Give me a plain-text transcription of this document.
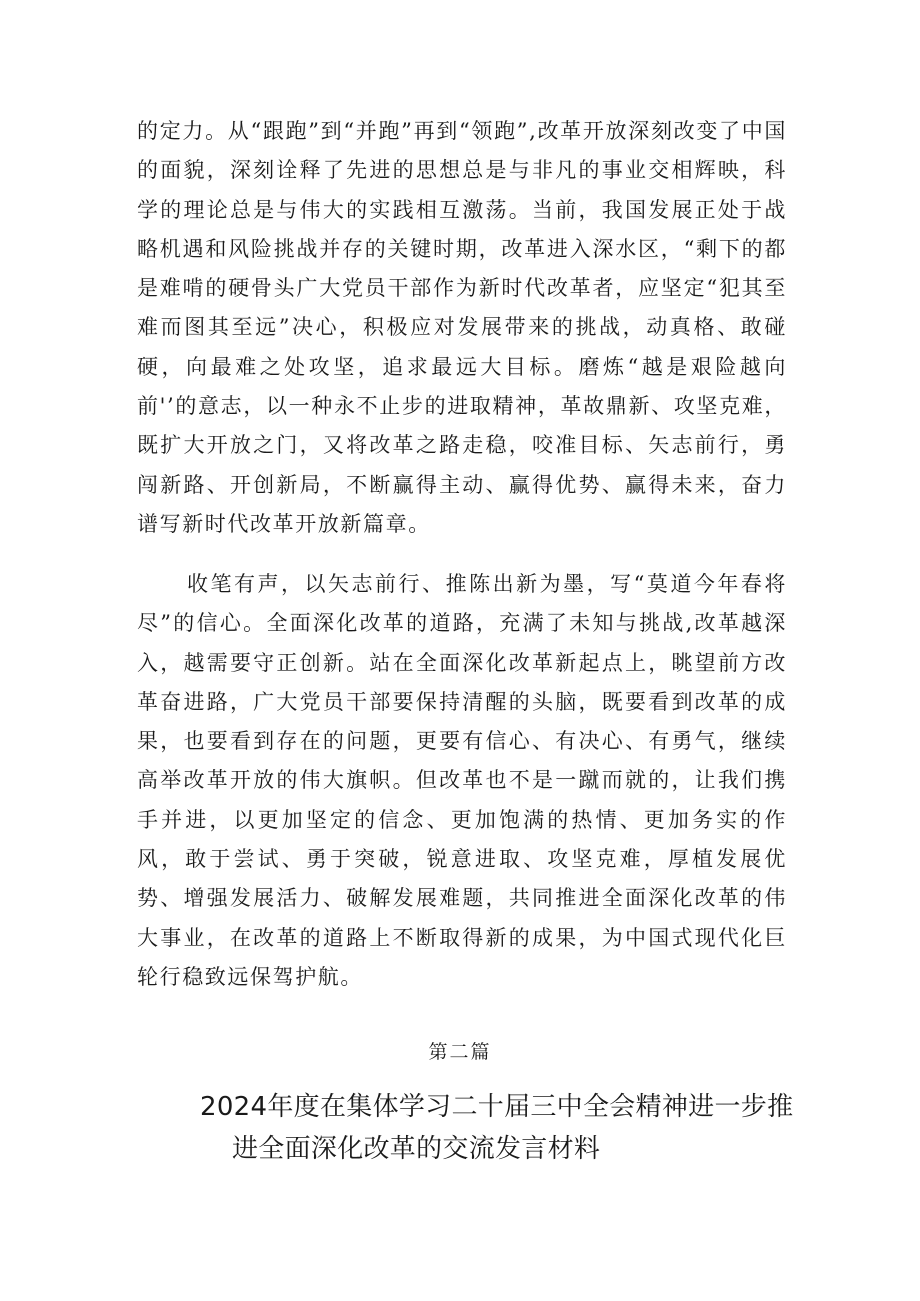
的定力。从“跟跑”到“并跑”再到“领跑”,改革开放深刻改变了中国的面貌，深刻诠释了先进的思想总是与非凡的事业交相辉映，科学的理论总是与伟大的实践相互激荡。当前，我国发展正处于战略机遇和风险挑战并存的关键时期，改革进入深水区，“剩下的都是难啃的硬骨头广大党员干部作为新时代改革者，应坚定“犯其至难而图其至远”决心，积极应对发展带来的挑战，动真格、敢碰硬，向最难之处攻坚，追求最远大目标。磨炼“越是艰险越向前'’的意志，以一种永不止步的进取精神，革故鼎新、攻坚克难，既扩大开放之门，又将改革之路走稳，咬准目标、矢志前行，勇闯新路、开创新局，不断赢得主动、赢得优势、赢得未来，奋力谱写新时代改革开放新篇章。

收笔有声，以矢志前行、推陈出新为墨，写“莫道今年春将尽”的信心。全面深化改革的道路，充满了未知与挑战,改革越深入，越需要守正创新。站在全面深化改革新起点上，眺望前方改革奋进路，广大党员干部要保持清醒的头脑，既要看到改革的成果，也要看到存在的问题，更要有信心、有决心、有勇气，继续高举改革开放的伟大旗帜。但改革也不是一蹴而就的，让我们携手并进，以更加坚定的信念、更加饱满的热情、更加务实的作风，敢于尝试、勇于突破，锐意进取、攻坚克难，厚植发展优势、增强发展活力、破解发展难题，共同推进全面深化改革的伟大事业，在改革的道路上不断取得新的成果，为中国式现代化巨轮行稳致远保驾护航。

第二篇

2024年度在集体学习二十届三中全会精神进一步推
进全面深化改革的交流发言材料
